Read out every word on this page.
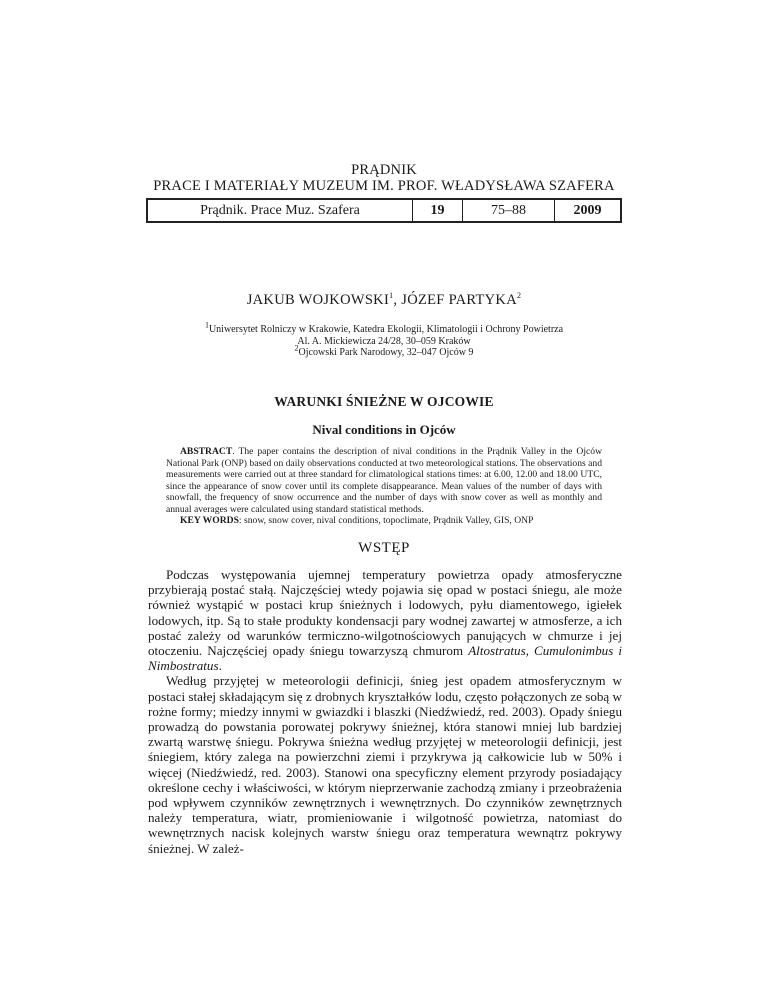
PRĄDNIK
PRACE I MATERIAŁY MUZEUM IM. PROF. WŁADYSŁAWA SZAFERA
Prądnik. Prace Muz. Szafera	19	75–88	2009
JAKUB WOJKOWSKI$^1$, JÓZEF PARTYKA$^2$
$^1$Uniwersytet Rolniczy w Krakowie, Katedra Ekologii, Klimatologii i Ochrony Powietrza
Al. A. Mickiewicza 24/28, 30–059 Kraków
$^2$Ojcowski Park Narodowy, 32–047 Ojców 9
WARUNKI ŚNIEŻNE W OJCOWIE
Nival conditions in Ojców
ABSTRACT. The paper contains the description of nival conditions in the Prądnik Valley in the Ojców National Park (ONP) based on daily observations conducted at two meteorological stations. The observations and measurements were carried out at three standard for climatological stations times: at 6.00, 12.00 and 18.00 UTC, since the appearance of snow cover until its complete disappearance. Mean values of the number of days with snowfall, the frequency of snow occurrence and the number of days with snow cover as well as monthly and annual averages were calculated using standard statistical methods.
KEY WORDS: snow, snow cover, nival conditions, topoclimate, Prądnik Valley, GIS, ONP
WSTĘP

Podczas występowania ujemnej temperatury powietrza opady atmosferyczne przybierają postać stałą. Najczęściej wtedy pojawia się opad w postaci śniegu, ale może również wystąpić w postaci krup śnieżnych i lodowych, pyłu diamentowego, igiełek lodowych, itp. Są to stałe produkty kondensacji pary wodnej zawartej w atmosferze, a ich postać zależy od warunków termiczno-wilgotnościowych panujących w chmurze i jej otoczeniu. Najczęściej opady śniegu towarzyszą chmurom Altostratus, Cumulonimbus i Nimbostratus.

Według przyjętej w meteorologii definicji, śnieg jest opadem atmosferycznym w postaci stałej składającym się z drobnych kryształków lodu, często połączonych ze sobą w rożne formy; miedzy innymi w gwiazdki i blaszki (Niedźwiedź, red. 2003). Opady śniegu prowadzą do powstania porowatej pokrywy śnieżnej, która stanowi mniej lub bardziej zwartą warstwę śniegu. Pokrywa śnieżna według przyjętej w meteorologii definicji, jest śniegiem, który zalega na powierzchni ziemi i przykrywa ją całkowicie lub w 50% i więcej (Niedźwiedź, red. 2003). Stanowi ona specyficzny element przyrody posiadający określone cechy i właściwości, w którym nieprzerwanie zachodzą zmiany i przeobrażenia pod wpływem czynników zewnętrznych i wewnętrznych. Do czynników zewnętrznych należy temperatura, wiatr, promieniowanie i wilgotność powietrza, natomiast do wewnętrznych nacisk kolejnych warstw śniegu oraz temperatura wewnątrz pokrywy śnieżnej. W zależ-
